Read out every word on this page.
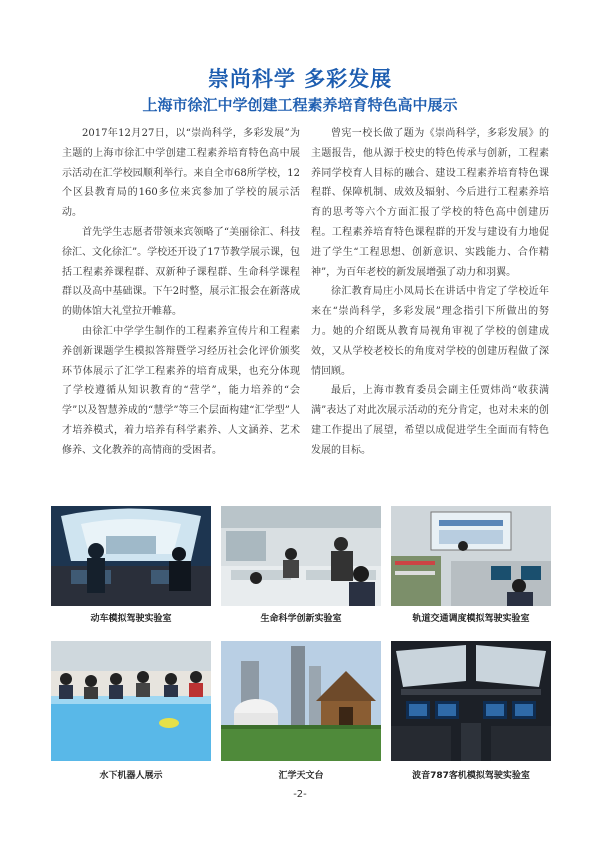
崇尚科学 多彩发展
上海市徐汇中学创建工程素养培育特色高中展示

2017年12月27日，以“崇尚科学，多彩发展”为主题的上海市徐汇中学创建工程素养培育特色高中展示活动在汇学校园顺利举行。来自全市68所学校，12个区县教育局的160多位来宾参加了学校的展示活动。

首先学生志愿者带领来宾领略了“美丽徐汇、科技徐汇、文化徐汇”。学校还开设了17节教学展示课，包括工程素养课程群、双新种子课程群、生命科学课程群以及高中基础课。下午2时整，展示汇报会在新落成的勋体馆大礼堂拉开帷幕。

由徐汇中学学生制作的工程素养宣传片和工程素养创新课题学生模拟答辩暨学习经历社会化评价颁奖环节体展示了汇学工程素养的培育成果，也充分体现了学校遵循从知识教育的“营学”，能力培养的“会学”以及智慧养成的“慧学”等三个层面构建“汇学型”人才培养模式，着力培养有科学素养、人文涵养、艺术修养、文化教养的高情商的受困者。

曾宪一校长做了题为《崇尚科学，多彩发展》的主题报告，他从源于校史的特色传承与创新，工程素养同学校育人目标的融合、建设工程素养培育特色课程群、保障机制、成效及辐射、今后进行工程素养培育的思考等六个方面汇报了学校的特色高中创建历程。工程素养培育特色课程群的开发与建设有力地促进了学生“工程思想、创新意识、实践能力、合作精神”，为百年老校的新发展增强了动力和羽翼。

徐汇教育局庄小凤局长在讲话中肯定了学校近年来在“崇尚科学，多彩发展”理念指引下所做出的努力。她的介绍既从教育局视角审视了学校的创建成效，又从学校老校长的角度对学校的创建历程做了深情回顾。

最后，上海市教育委员会副主任贾炜尚“收获满满”表达了对此次展示活动的充分肯定，也对未来的创建工作提出了展望，希望以成促进学生全面而有特色发展的目标。

动车模拟驾驶实验室	生命科学创新实验室	轨道交通调度模拟驾驶实验室
水下机器人展示	汇学天文台	波音787客机模拟驾驶实验室
-2-
